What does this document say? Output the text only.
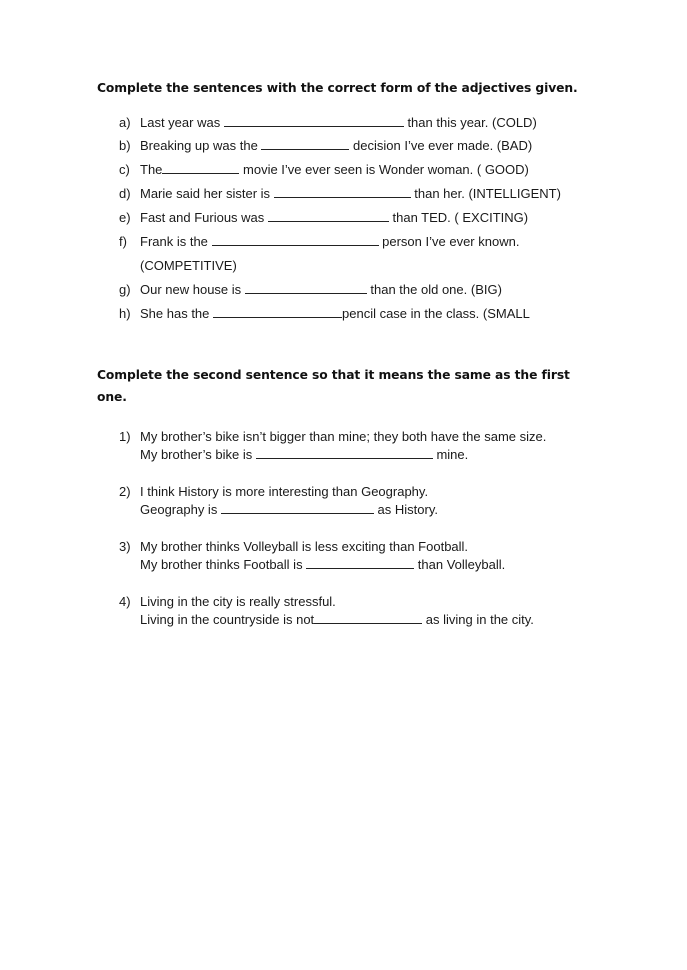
Complete the sentences with the correct form of the adjectives given.
a) Last year was	than this year. (COLD)
b) Breaking up was the	decision I’ve ever made. (BAD)
c) The	movie I’ve ever seen is Wonder woman. ( GOOD)
d) Marie said her sister is	than her. (INTELLIGENT)
e) Fast and Furious was	than TED. ( EXCITING)
f) Frank is the	person I’ve ever known.
(COMPETITIVE)
g) Our new house is	than the old one. (BIG)
h) She has the	pencil case in the class. (SMALL
Complete the second sentence so that it means the same as the first
one.
1) My brother’s bike isn’t bigger than mine; they both have the same size.
My brother’s bike is	mine.
2) I think History is more interesting than Geography.
Geography is	as History.
3) My brother thinks Volleyball is less exciting than Football.
My brother thinks Football is	than Volleyball.
4) Living in the city is really stressful.
Living in the countryside is not	as living in the city.
